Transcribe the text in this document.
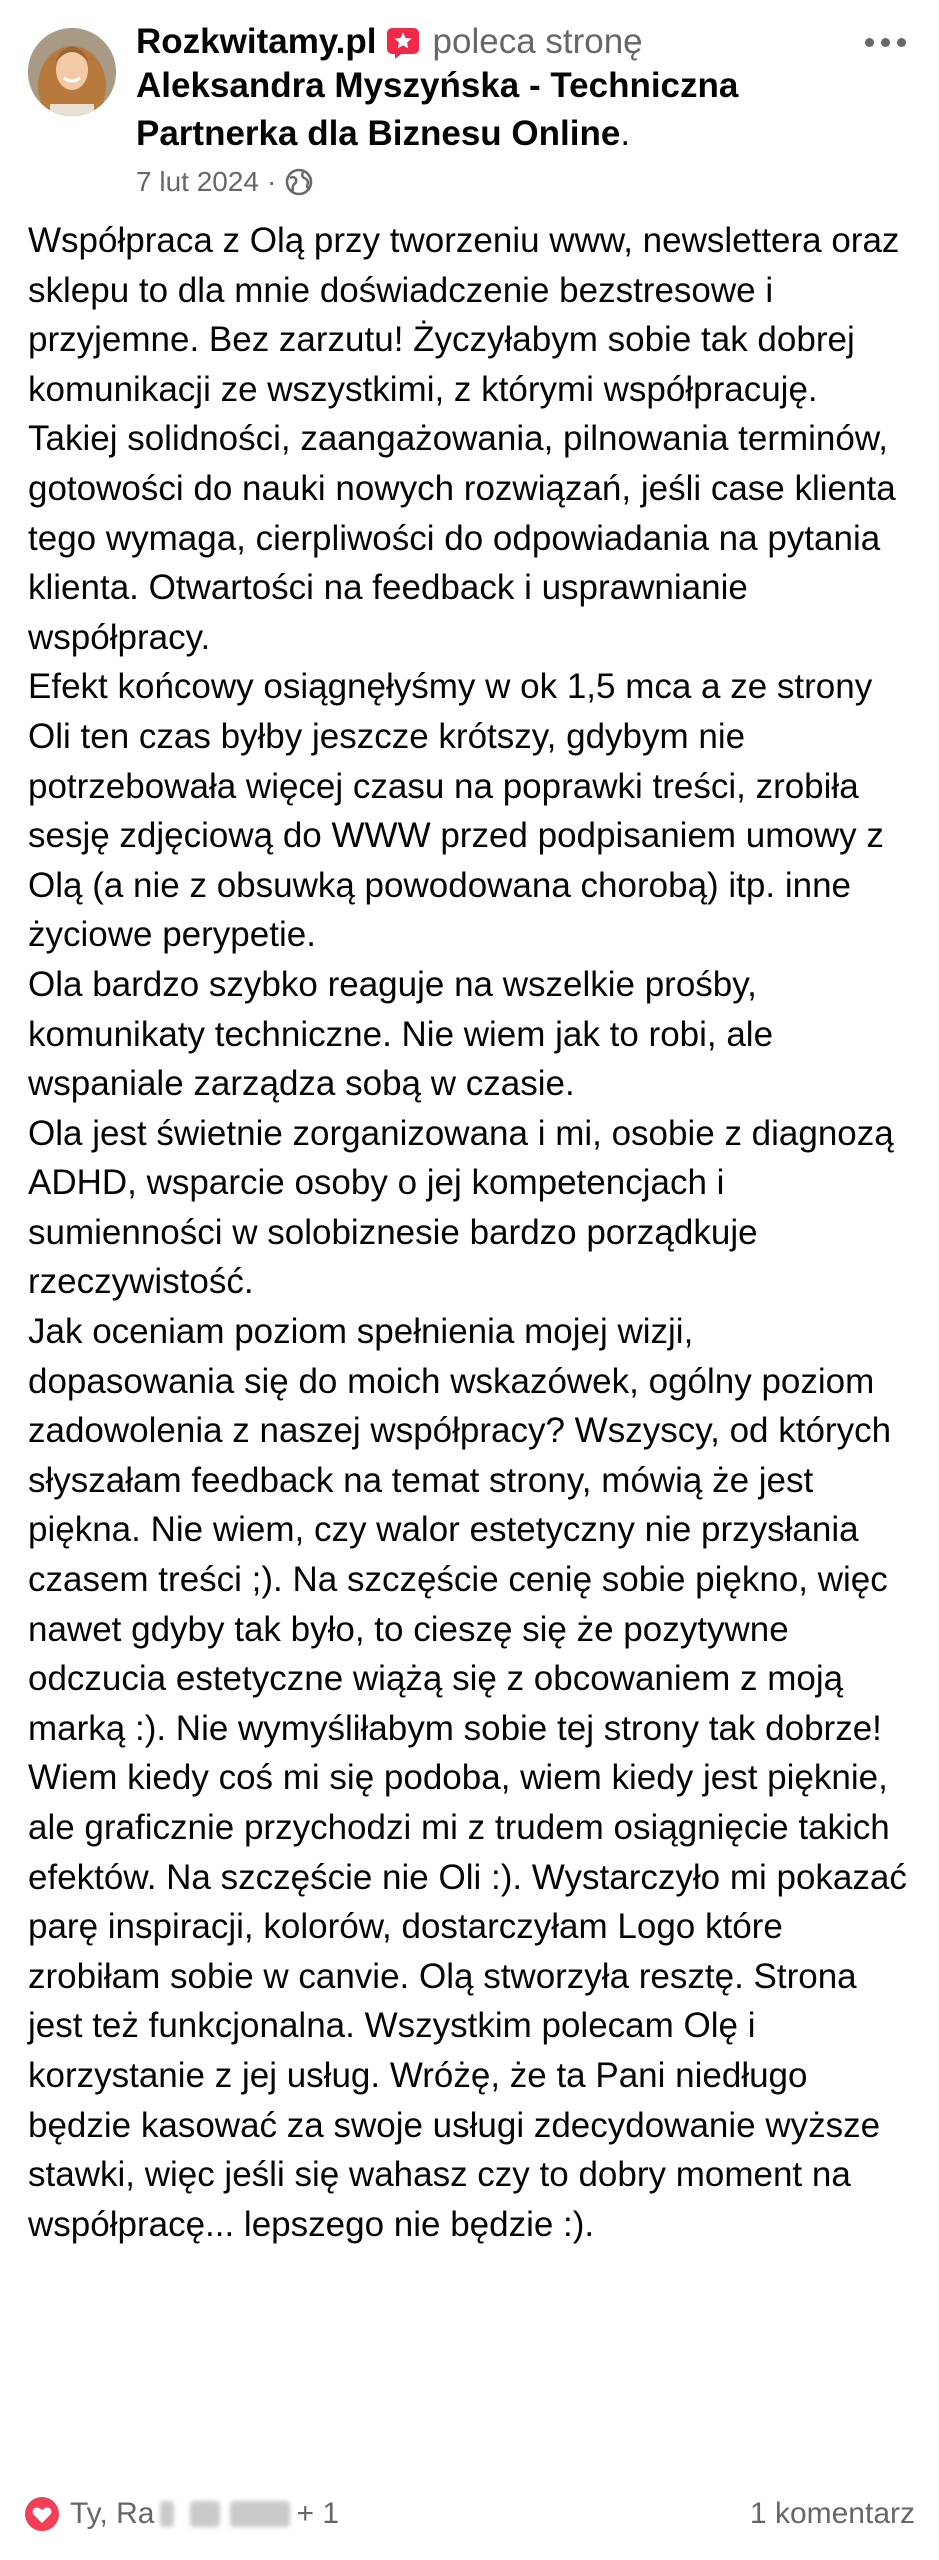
Rozkwitamy.pl poleca stronę
Aleksandra Myszyńska - Techniczna Partnerka dla Biznesu Online.
7 lut 2024 ·

Współpraca z Olą przy tworzeniu www, newslettera oraz sklepu to dla mnie doświadczenie bezstresowe i przyjemne. Bez zarzutu! Życzyłabym sobie tak dobrej komunikacji ze wszystkimi, z którymi współpracuję. Takiej solidności, zaangażowania, pilnowania terminów, gotowości do nauki nowych rozwiązań, jeśli case klienta tego wymaga, cierpliwości do odpowiadania na pytania klienta. Otwartości na feedback i usprawnianie współpracy.

Efekt końcowy osiągnęłyśmy w ok 1,5 mca a ze strony Oli ten czas byłby jeszcze krótszy, gdybym nie potrzebowała więcej czasu na poprawki treści, zrobiła sesję zdjęciową do WWW przed podpisaniem umowy z Olą (a nie z obsuwką powodowana chorobą) itp. inne życiowe perypetie.

Ola bardzo szybko reaguje na wszelkie prośby, komunikaty techniczne. Nie wiem jak to robi, ale wspaniale zarządza sobą w czasie.

Ola jest świetnie zorganizowana i mi, osobie z diagnozą ADHD, wsparcie osoby o jej kompetencjach i sumienności w solobiznesie bardzo porządkuje rzeczywistość.

Jak oceniam poziom spełnienia mojej wizji, dopasowania się do moich wskazówek, ogólny poziom zadowolenia z naszej współpracy? Wszyscy, od których słyszałam feedback na temat strony, mówią że jest piękna. Nie wiem, czy walor estetyczny nie przysłania czasem treści ;). Na szczęście cenię sobie piękno, więc nawet gdyby tak było, to cieszę się że pozytywne odczucia estetyczne wiążą się z obcowaniem z moją marką :). Nie wymyśliłabym sobie tej strony tak dobrze! Wiem kiedy coś mi się podoba, wiem kiedy jest pięknie, ale graficznie przychodzi mi z trudem osiągnięcie takich efektów. Na szczęście nie Oli :). Wystarczyło mi pokazać parę inspiracji, kolorów, dostarczyłam Logo które zrobiłam sobie w canvie. Olą stworzyła resztę. Strona jest też funkcjonalna. Wszystkim polecam Olę i korzystanie z jej usług. Wróżę, że ta Pani niedługo będzie kasować za swoje usługi zdecydowanie wyższe stawki, więc jeśli się wahasz czy to dobry moment na współpracę... lepszego nie będzie :).

Ty, Ra	+ 1	1 komentarz
